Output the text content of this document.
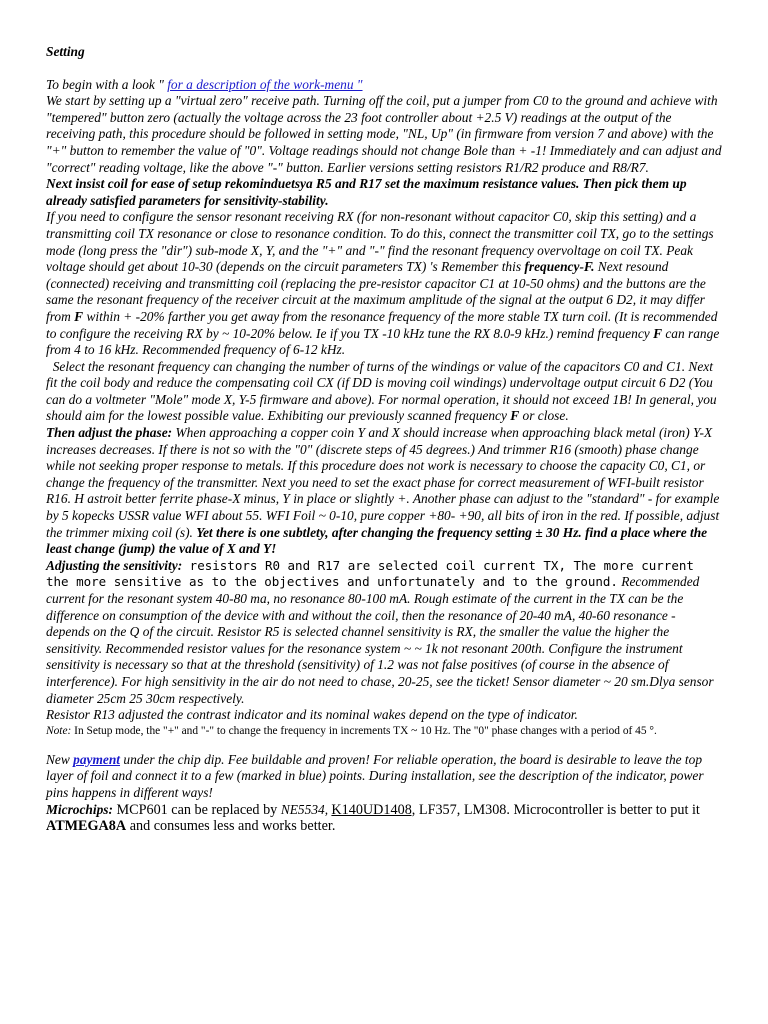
Setting

To begin with a look " for a description of the work-menu "
We start by setting up a "virtual zero" receive path. Turning off the coil, put a jumper from C0 to the ground and achieve with "tempered" button zero (actually the voltage across the 23 foot controller about +2.5 V) readings at the output of the receiving path, this procedure should be followed in setting mode, "NL, Up" (in firmware from version 7 and above) with the "+" button to remember the value of "0". Voltage readings should not change Bole than + -1! Immediately and can adjust and "correct" reading voltage, like the above "-" button. Earlier versions setting resistors R1/R2 produce and R8/R7.

Next insist coil for ease of setup rekominduetsya R5 and R17 set the maximum resistance values. Then pick them up already satisfied parameters for sensitivity-stability.

If you need to configure the sensor resonant receiving RX (for non-resonant without capacitor C0, skip this setting) and a transmitting coil TX resonance or close to resonance condition. To do this, connect the transmitter coil TX, go to the settings mode (long press the "dir") sub-mode X, Y, and the "+" and "-" find the resonant frequency overvoltage on coil TX. Peak voltage should get about 10-30 (depends on the circuit parameters TX) 's Remember this frequency-F. Next resound (connected) receiving and transmitting coil (replacing the pre-resistor capacitor C1 at 10-50 ohms) and the buttons are the same the resonant frequency of the receiver circuit at the maximum amplitude of the signal at the output 6 D2, it may differ from F within + -20% farther you get away from the resonance frequency of the more stable TX turn coil. (It is recommended to configure the receiving RX by ~ 10-20% below. Ie if you TX -10 kHz tune the RX 8.0-9 kHz.) remind frequency F can range from 4 to 16 kHz. Recommended frequency of 6-12 kHz.

Select the resonant frequency can changing the number of turns of the windings or value of the capacitors C0 and C1. Next fit the coil body and reduce the compensating coil CX (if DD is moving coil windings) undervoltage output circuit 6 D2 (You can do a voltmeter "Mole" mode X, Y-5 firmware and above). For normal operation, it should not exceed 1B! In general, you should aim for the lowest possible value. Exhibiting our previously scanned frequency F or close.

Then adjust the phase: When approaching a copper coin Y and X should increase when approaching black metal (iron) Y-X increases decreases. If there is not so with the "0" (discrete steps of 45 degrees.) And trimmer R16 (smooth) phase change while not seeking proper response to metals. If this procedure does not work is necessary to choose the capacity C0, C1, or change the frequency of the transmitter. Next you need to set the exact phase for correct measurement of WFI-built resistor R16. H astroit better ferrite phase-X minus, Y in place or slightly +. Another phase can adjust to the "standard" - for example by 5 kopecks USSR value WFI about 55. WFI Foil ~ 0-10, pure copper +80- +90, all bits of iron in the red. If possible, adjust the trimmer mixing coil (s). Yet there is one subtlety, after changing the frequency setting ± 30 Hz. find a place where the least change (jump) the value of X and Y!

Adjusting the sensitivity: resistors R0 and R17 are selected coil current TX, The more current the more sensitive as to the objectives and unfortunately and to the ground. Recommended current for the resonant system 40-80 ma, no resonance 80-100 mA. Rough estimate of the current in the TX can be the difference on consumption of the device with and without the coil, then the resonance of 20-40 mA, 40-60 resonance - depends on the Q of the circuit. Resistor R5 is selected channel sensitivity is RX, the smaller the value the higher the sensitivity. Recommended resistor values for the resonance system ~ ~ 1k not resonant 200th. Configure the instrument sensitivity is necessary so that at the threshold (sensitivity) of 1.2 was not false positives (of course in the absence of interference). For high sensitivity in the air do not need to chase, 20-25, see the ticket! Sensor diameter ~ 20 sm.Dlya sensor diameter 25cm 25 30cm respectively.

Resistor R13 adjusted the contrast indicator and its nominal wakes depend on the type of indicator.

Note: In Setup mode, the "+" and "-" to change the frequency in increments TX ~ 10 Hz. The "0" phase changes with a period of 45 °.

New payment under the chip dip. Fee buildable and proven! For reliable operation, the board is desirable to leave the top layer of foil and connect it to a few (marked in blue) points. During installation, see the description of the indicator, power pins happens in different ways!

Microchips: MCP601 can be replaced by NE5534, K140UD1408, LF357, LM308. Microcontroller is better to put it ATMEGA8A and consumes less and works better.
